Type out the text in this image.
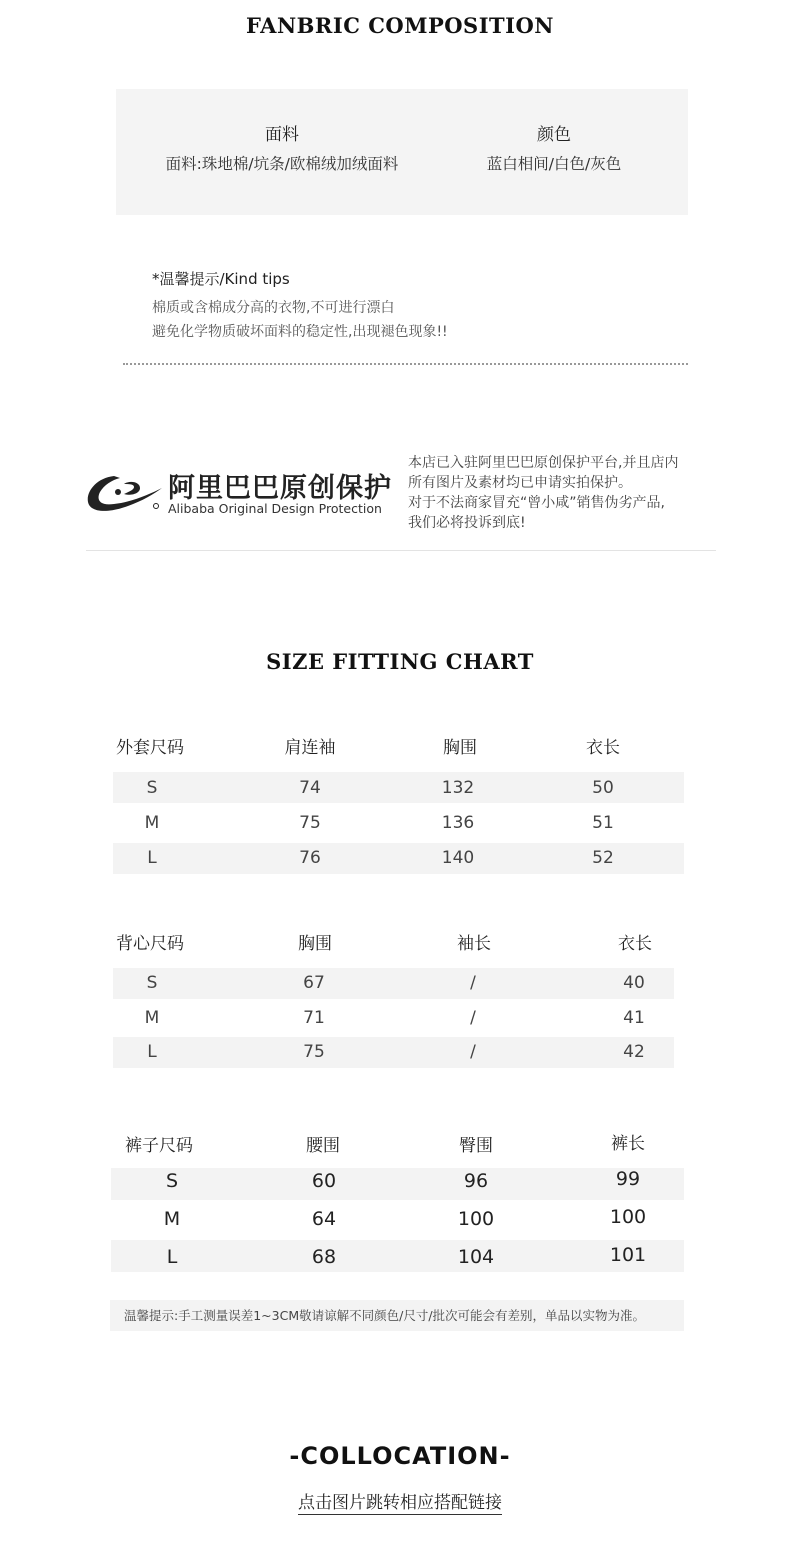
FANBRIC COMPOSITION
面料
面料:珠地棉/坑条/欧棉绒加绒面料
颜色
蓝白相间/白色/灰色
*温馨提示/Kind tips
棉质或含棉成分高的衣物,不可进行漂白
避免化学物质破坏面料的稳定性,出现褪色现象!!
阿里巴巴原创保护
Alibaba Original Design Protection
本店已入驻阿里巴巴原创保护平台,并且店内
所有图片及素材均已申请实拍保护。
对于不法商家冒充“曾小咸”销售伪劣产品,
我们必将投诉到底!
SIZE FITTING CHART
外套尺码	肩连袖	胸围	衣长
S	74	132	50
M	75	136	51
L	76	140	52
背心尺码	胸围	袖长	衣长
S	67	/	40
M	71	/	41
L	75	/	42
裤子尺码	腰围	臀围	裤长
S	60	96	99
M	64	100	100
L	68	104	101
温馨提示:手工测量误差1~3CM敬请谅解不同颜色/尺寸/批次可能会有差别，单品以实物为准。
-COLLOCATION-
点击图片跳转相应搭配链接
